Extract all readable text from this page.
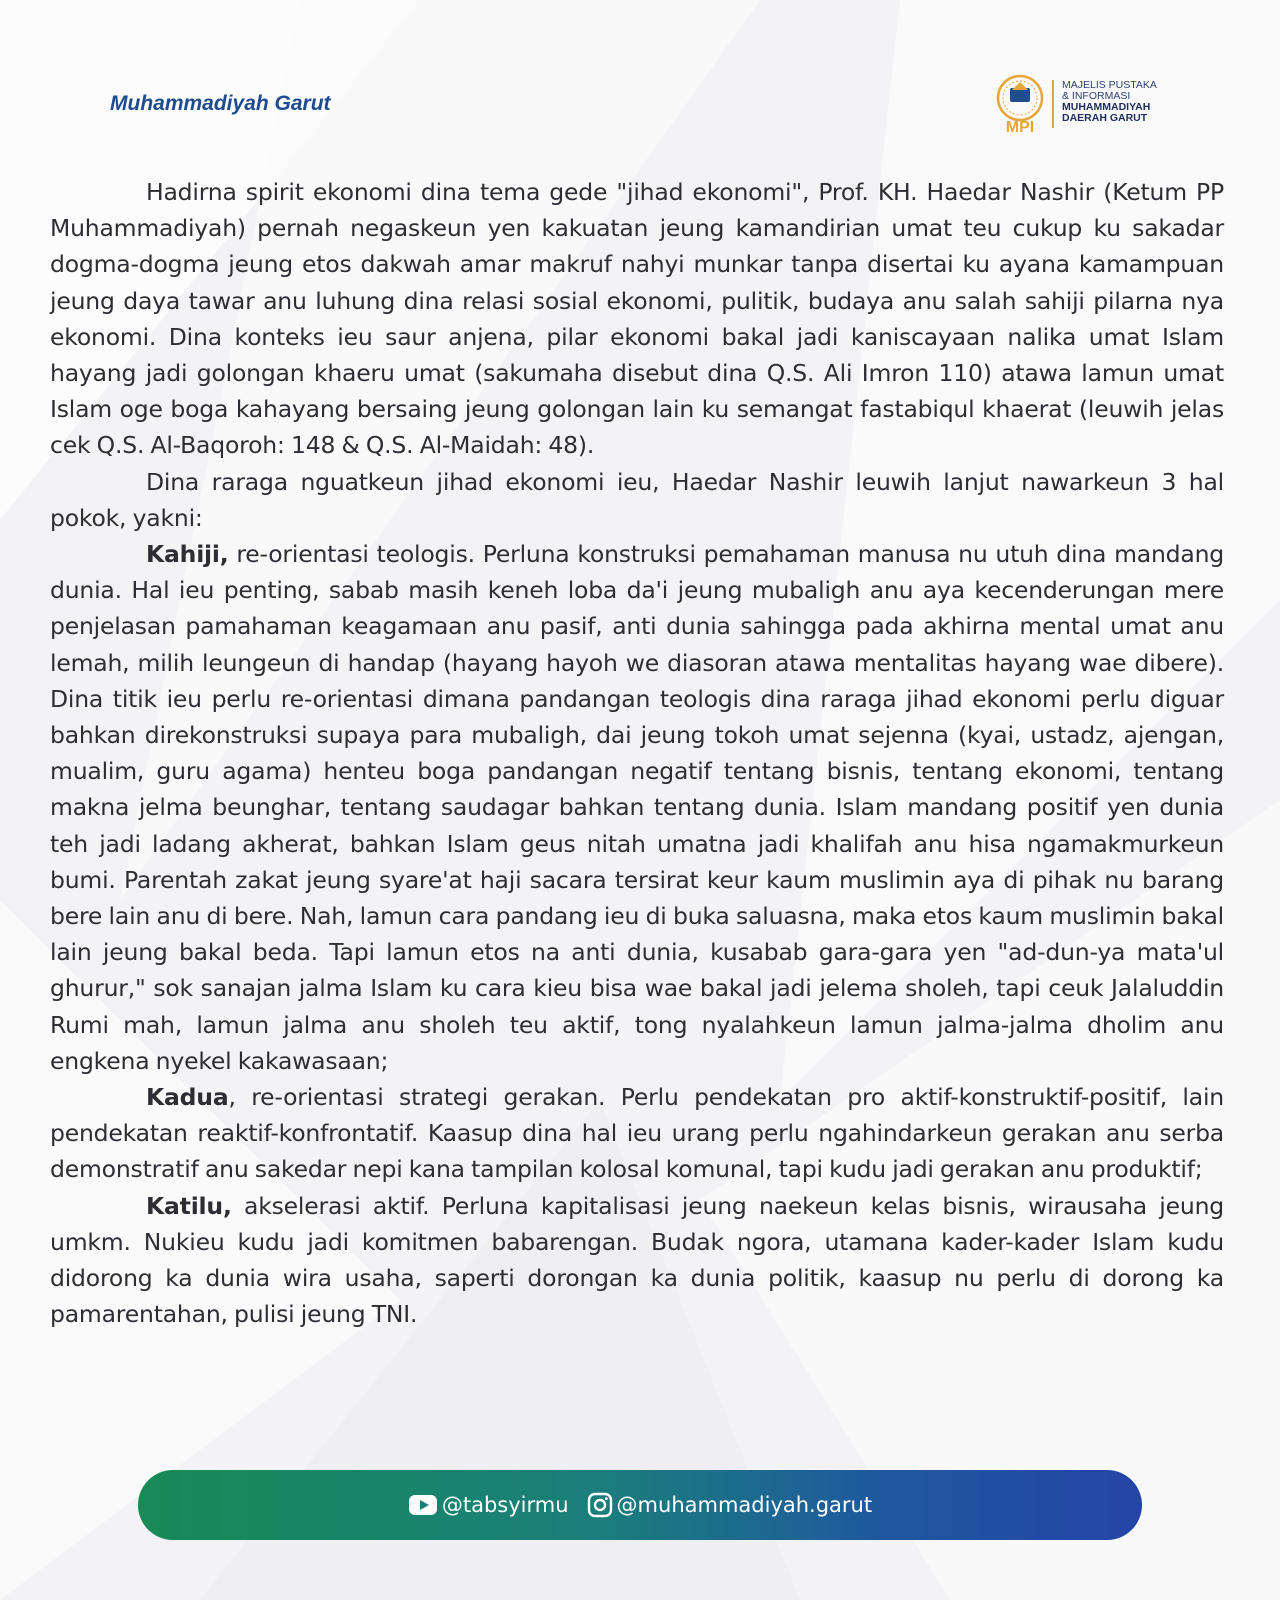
Muhammadiyah Garut
MPI
MAJELIS PUSTAKA
& INFORMASI
MUHAMMADIYAH
DAERAH GARUT

Hadirna spirit ekonomi dina tema gede "jihad ekonomi", Prof. KH. Haedar Nashir (Ketum PP Muhammadiyah) pernah negaskeun yen kakuatan jeung kamandirian umat teu cukup ku sakadar dogma-dogma jeung etos dakwah amar makruf nahyi munkar tanpa disertai ku ayana kamampuan jeung daya tawar anu luhung dina relasi sosial ekonomi, pulitik, budaya anu salah sahiji pilarna nya ekonomi. Dina konteks ieu saur anjena, pilar ekonomi bakal jadi kaniscayaan nalika umat Islam hayang jadi golongan khaeru umat (sakumaha disebut dina Q.S. Ali Imron 110) atawa lamun umat Islam oge boga kahayang bersaing jeung golongan lain ku semangat fastabiqul khaerat (leuwih jelas cek Q.S. Al-Baqoroh: 148 & Q.S. Al-Maidah: 48).

Dina raraga nguatkeun jihad ekonomi ieu, Haedar Nashir leuwih lanjut nawarkeun 3 hal pokok, yakni:

Kahiji, re-orientasi teologis. Perluna konstruksi pemahaman manusa nu utuh dina mandang dunia. Hal ieu penting, sabab masih keneh loba da'i jeung mubaligh anu aya kecenderungan mere penjelasan pamahaman keagamaan anu pasif, anti dunia sahingga pada akhirna mental umat anu lemah, milih leungeun di handap (hayang hayoh we diasoran atawa mentalitas hayang wae dibere). Dina titik ieu perlu re-orientasi dimana pandangan teologis dina raraga jihad ekonomi perlu diguar bahkan direkonstruksi supaya para mubaligh, dai jeung tokoh umat sejenna (kyai, ustadz, ajengan, mualim, guru agama) henteu boga pandangan negatif tentang bisnis, tentang ekonomi, tentang makna jelma beunghar, tentang saudagar bahkan tentang dunia. Islam mandang positif yen dunia teh jadi ladang akherat, bahkan Islam geus nitah umatna jadi khalifah anu hisa ngamakmurkeun bumi. Parentah zakat jeung syare'at haji sacara tersirat keur kaum muslimin aya di pihak nu barang bere lain anu di bere. Nah, lamun cara pandang ieu di buka saluasna, maka etos kaum muslimin bakal lain jeung bakal beda. Tapi lamun etos na anti dunia, kusabab gara-gara yen "ad-dun-ya mata'ul ghurur," sok sanajan jalma Islam ku cara kieu bisa wae bakal jadi jelema sholeh, tapi ceuk Jalaluddin Rumi mah, lamun jalma anu sholeh teu aktif, tong nyalahkeun lamun jalma-jalma dholim anu engkena nyekel kakawasaan;

Kadua, re-orientasi strategi gerakan. Perlu pendekatan pro aktif-konstruktif-positif, lain pendekatan reaktif-konfrontatif. Kaasup dina hal ieu urang perlu ngahindarkeun gerakan anu serba demonstratif anu sakedar nepi kana tampilan kolosal komunal, tapi kudu jadi gerakan anu produktif;

Katilu, akselerasi aktif. Perluna kapitalisasi jeung naekeun kelas bisnis, wirausaha jeung umkm. Nukieu kudu jadi komitmen babarengan. Budak ngora, utamana kader-kader Islam kudu didorong ka dunia wira usaha, saperti dorongan ka dunia politik, kaasup nu perlu di dorong ka pamarentahan, pulisi jeung TNI.

@tabsyirmu @muhammadiyah.garut
